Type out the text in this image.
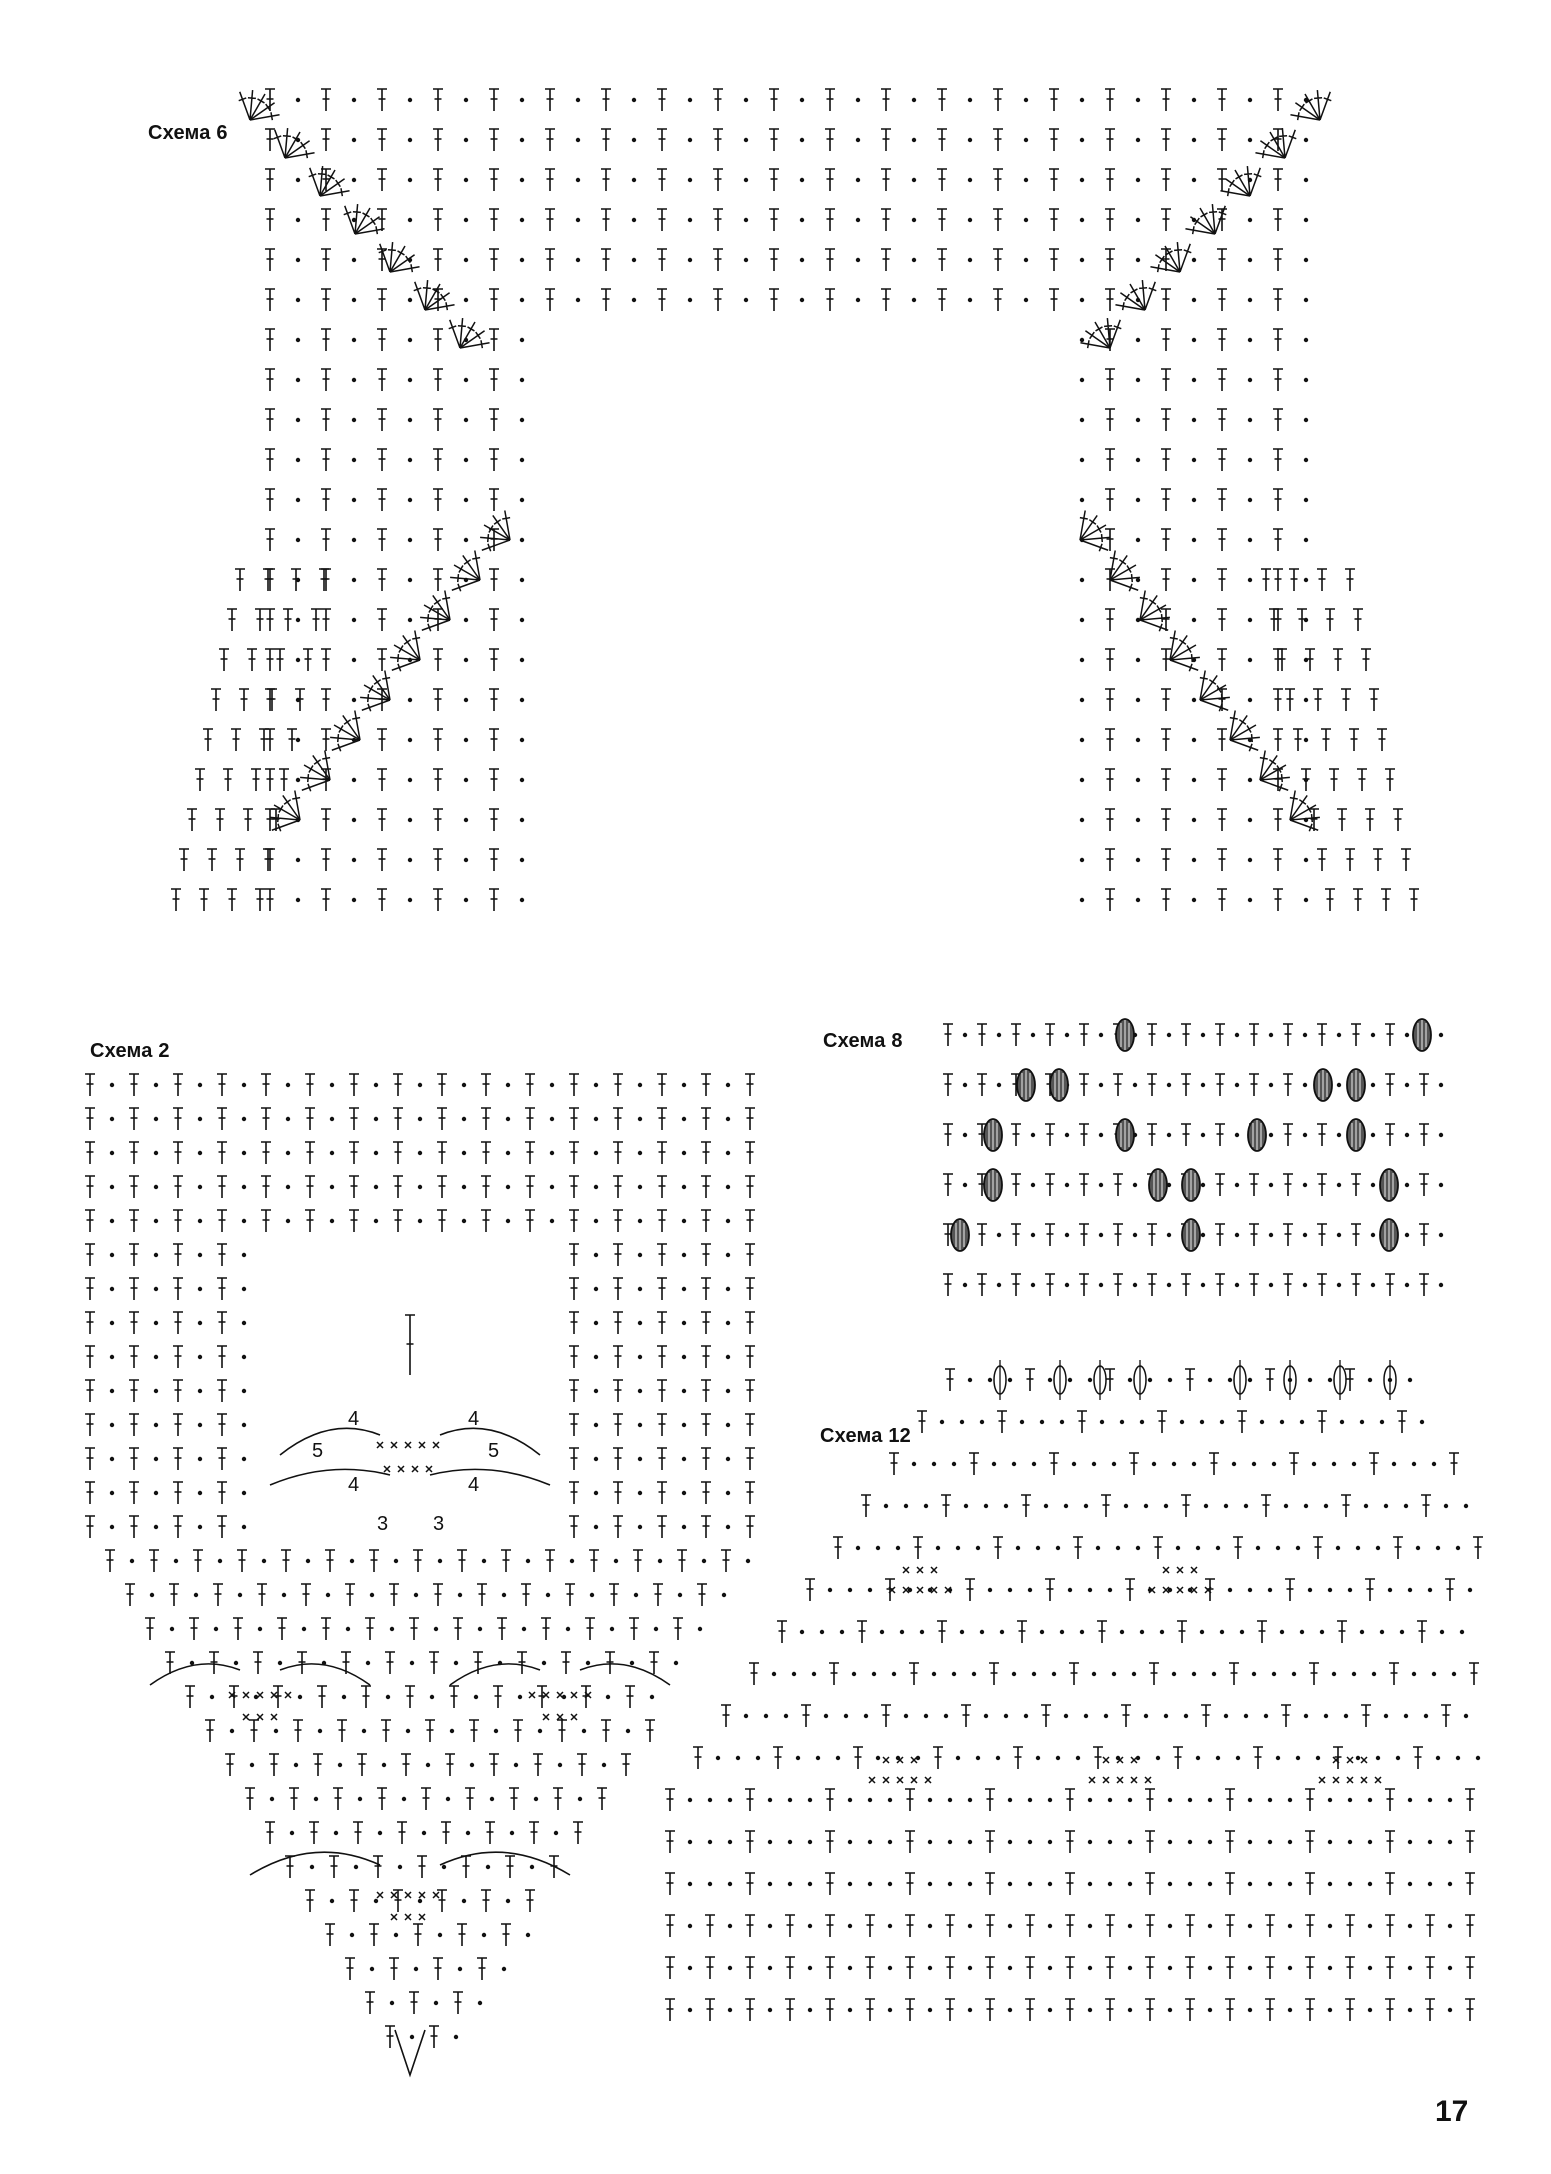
Схема 6
Схема 2
4	4
5	5
4	4
3 3
Схема 8
Схема 12
17
